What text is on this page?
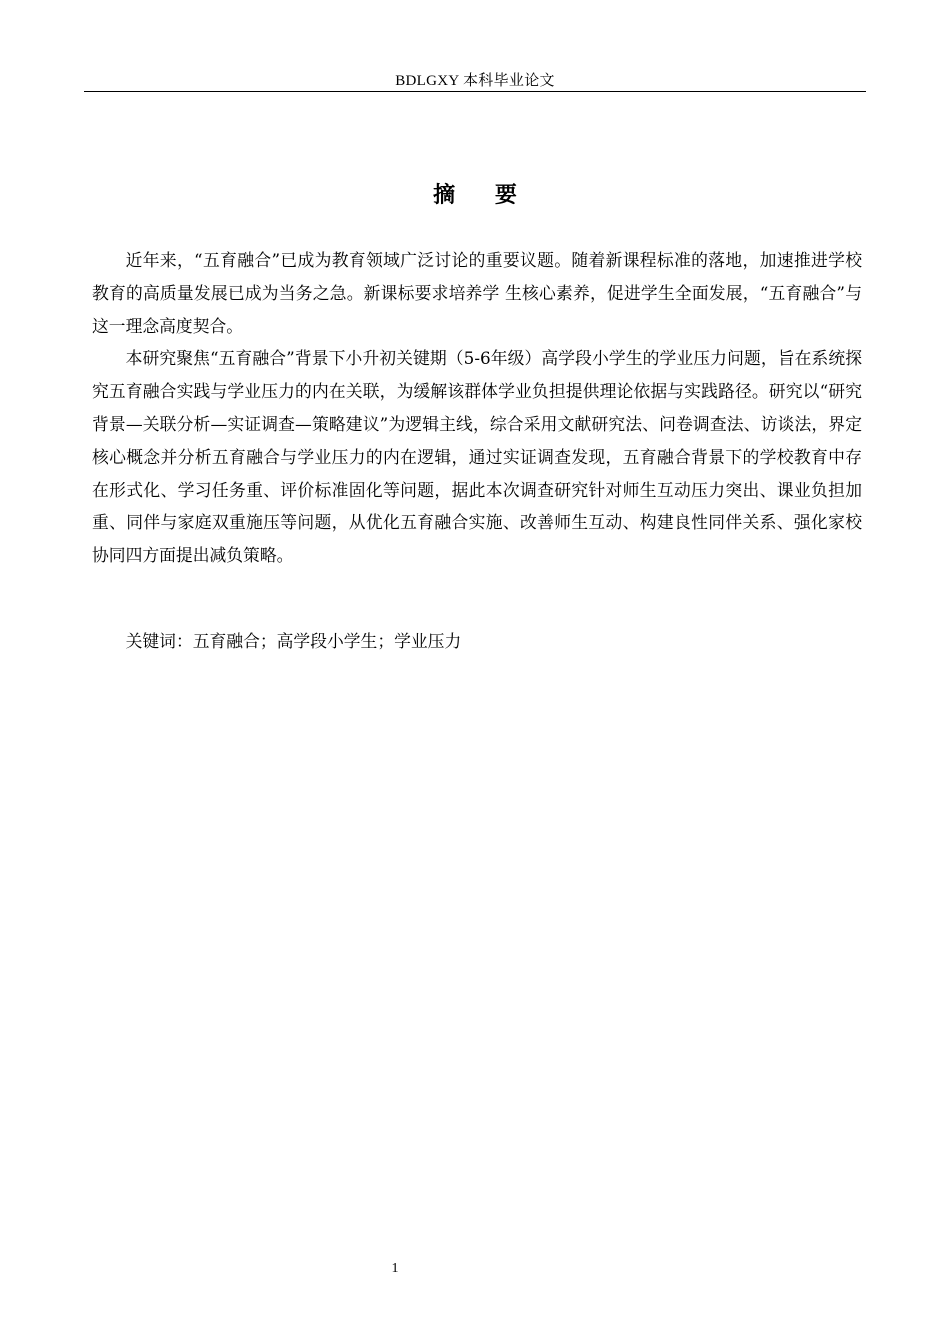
BDLGXY 本科毕业论文
摘 要

近年来，“五育融合”已成为教育领域广泛讨论的重要议题。随着新课程标准的落地，加速推进学校教育的高质量发展已成为当务之急。新课标要求培养学 生核心素养，促进学生全面发展，“五育融合”与这一理念高度契合。

本研究聚焦“五育融合”背景下小升初关键期（5-6年级）高学段小学生的学业压力问题，旨在系统探究五育融合实践与学业压力的内在关联，为缓解该群体学业负担提供理论依据与实践路径。研究以“研究背景—关联分析—实证调查—策略建议”为逻辑主线，综合采用文献研究法、问卷调查法、访谈法，界定核心概念并分析五育融合与学业压力的内在逻辑，通过实证调查发现，五育融合背景下的学校教育中存在形式化、学习任务重、评价标准固化等问题，据此本次调查研究针对师生互动压力突出、课业负担加重、同伴与家庭双重施压等问题，从优化五育融合实施、改善师生互动、构建良性同伴关系、强化家校协同四方面提出减负策略。

关键词：五育融合；高学段小学生；学业压力

1
